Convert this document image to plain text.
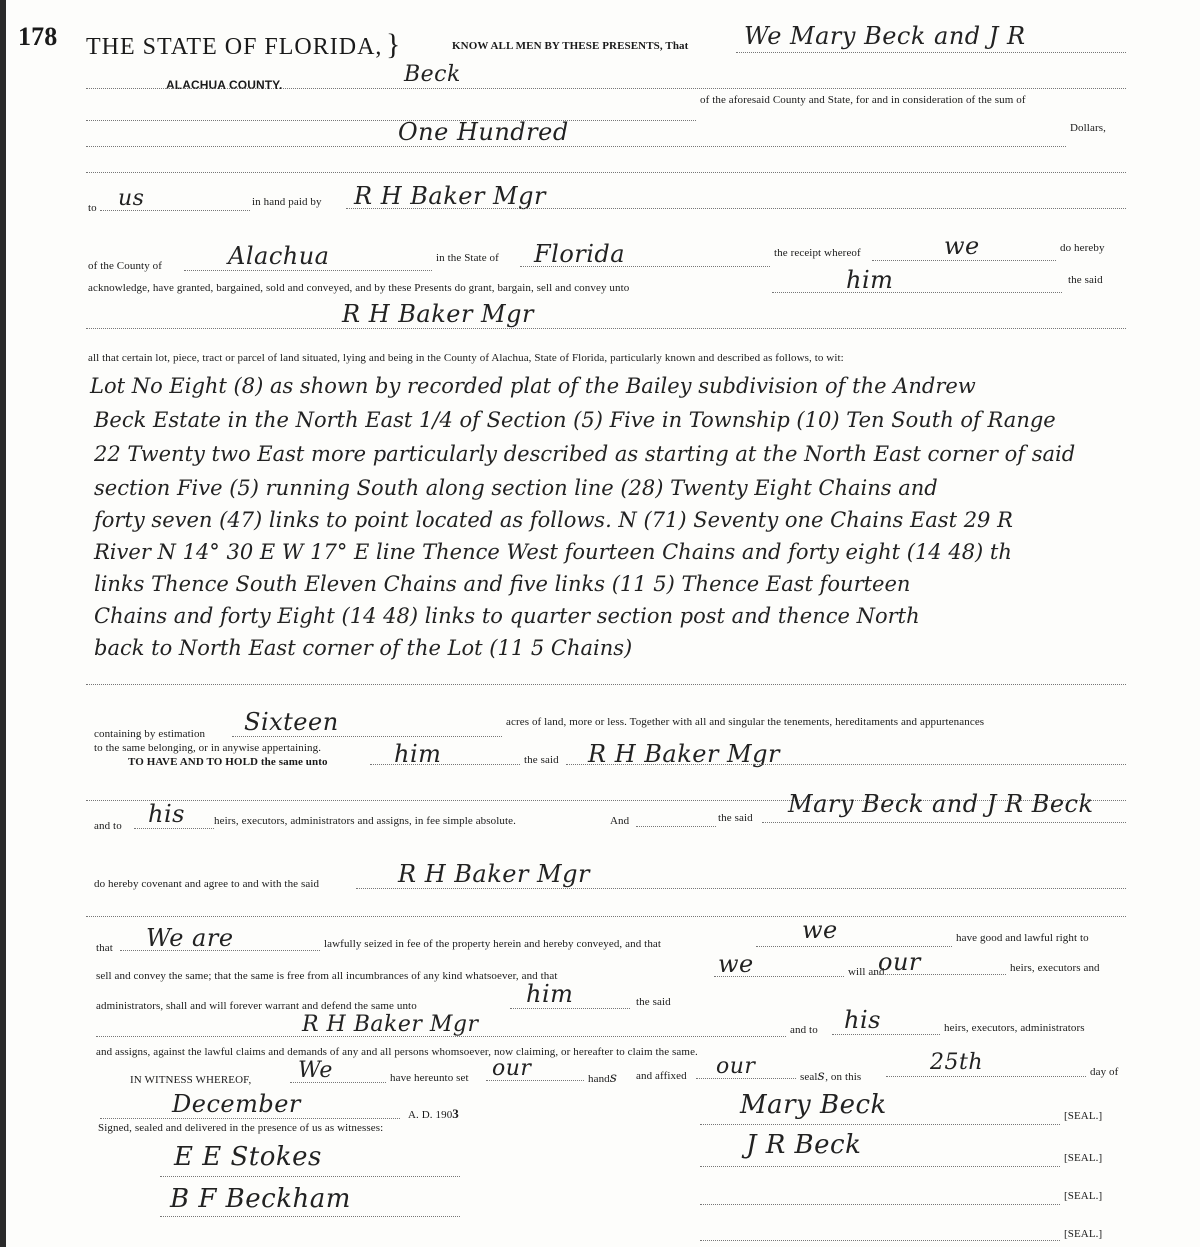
178 THE STATE OF FLORIDA, }
ALACHUA COUNTY.
KNOW ALL MEN BY THESE PRESENTS, That We Mary Beck and J R
Beck
of the aforesaid County and State, for and in consideration of the sum of
One Hundred	Dollars,
to us	in hand paid by R H Baker Mgr
of the County of	Alachua	in the State of Florida	the receipt whereof	we	do hereby
acknowledge, have granted, bargained, sold and conveyed, and by these Presents do grant, bargain, sell and convey unto	him	the said
R H Baker Mgr
all that certain lot, piece, tract or parcel of land situated, lying and being in the County of Alachua, State of Florida, particularly known and described as follows, to wit:
Lot No Eight (8) as shown by recorded plat of the Bailey subdivision of the Andrew
Beck Estate in the North East 1/4 of Section (5) Five in Township (10) Ten South of Range
22 Twenty two East more particularly described as starting at the North East corner of said
section Five (5) running South along section line (28) Twenty Eight Chains and
forty seven (47) links to point located as follows. N (71) Seventy one Chains East 29 R
River N 14° 30 E W 17° E line Thence West fourteen Chains and forty eight (14 48) th
links Thence South Eleven Chains and five links (11 5) Thence East fourteen
Chains and forty Eight (14 48) links to quarter section post and thence North
back to North East corner of the Lot (11 5 Chains)
containing by estimation Sixteen	acres of land, more or less. Together with all and singular the tenements, hereditaments and appurtenances
to the same belonging, or in anywise appertaining.
TO HAVE AND TO HOLD the same unto	him	the said R H Baker Mgr
and to his	heirs, executors, administrators and assigns, in fee simple absolute.	And	the said Mary Beck and J R Beck
do hereby covenant and agree to and with the said	R H Baker Mgr
that We are	lawfully seized in fee of the property herein and hereby conveyed, and that	we	have good and lawful right to
sell and convey the same; that the same is free from all incumbrances of any kind whatsoever, and that	we	will and
our	heirs, executors and
administrators, shall and will forever warrant and defend the same unto	him	the said
R H Baker Mgr	and to his	heirs, executors, administrators
and assigns, against the lawful claims and demands of any and all persons whomsoever, now claiming, or hereafter to claim the same.
IN WITNESS WHEREOF, We	have hereunto set our	hands and affixed our	seals, on this
25th	day of
December	A. D. 1903
Signed, sealed and delivered in the presence of us as witnesses:
Mary Beck	[SEAL.]
J R Beck	[SEAL.]
[SEAL.]
[SEAL.]
E E Stokes
B F Beckham
